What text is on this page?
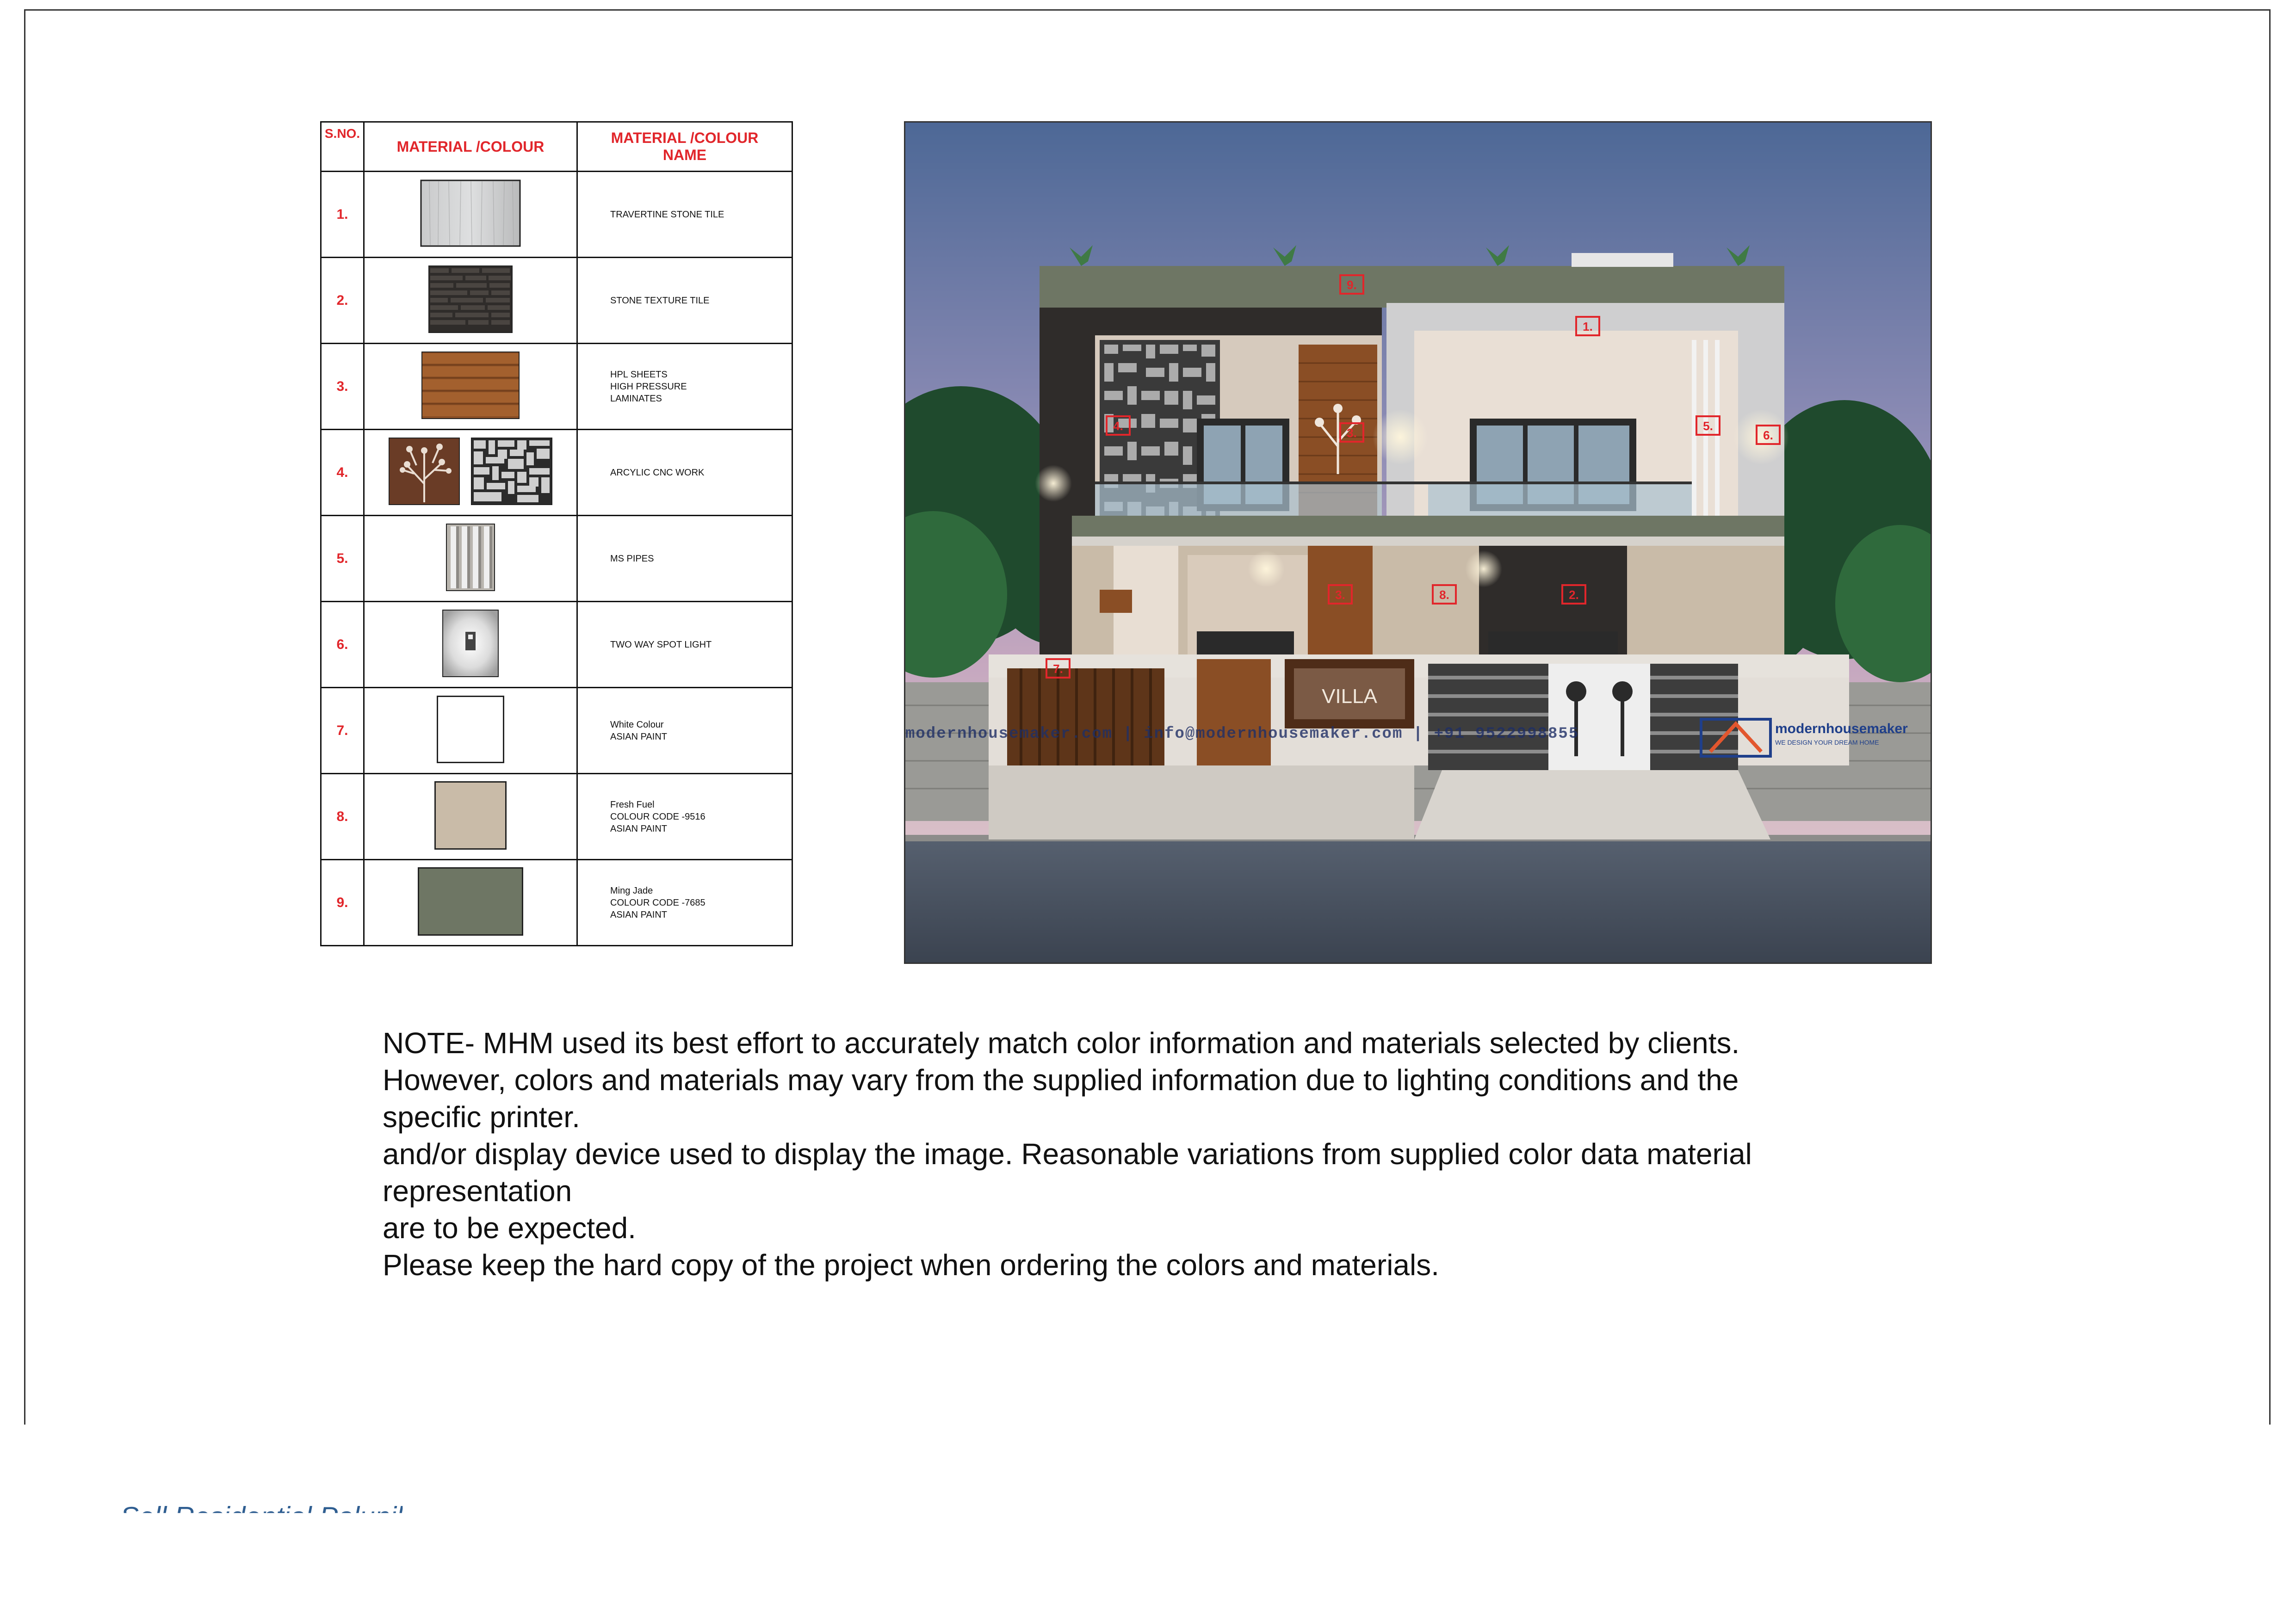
S.NO.	MATERIAL /COLOUR	MATERIAL /COLOUR
NAME

1.		TRAVERTINE STONE TILE
2.		STONE TEXTURE TILE
3.		HPL SHEETS
HIGH PRESSURE
LAMINATES
4.		ARCYLIC CNC WORK
5.		MS PIPES
6.		TWO WAY SPOT LIGHT
7.		White Colour
ASIAN PAINT
8.		Fresh Fuel
COLOUR CODE -9516
ASIAN PAINT
9.		Ming Jade
COLOUR CODE -7685
ASIAN PAINT
VILLA
modernhousemaker.com | info@modernhousemaker.com | +91 9522998855	modernhousemaker
WE DESIGN YOUR DREAM HOME
9.
1.
4.	3.	5.
6.
3.	8.	2.
7.
NOTE- MHM used its best effort to accurately match color information and materials selected by clients.
However, colors and materials may vary from the supplied information due to lighting conditions and the
specific printer.
and/or display device used to display the image. Reasonable variations from supplied color data material
representation
are to be expected.
Please keep the hard copy of the project when ordering the colors and materials.
